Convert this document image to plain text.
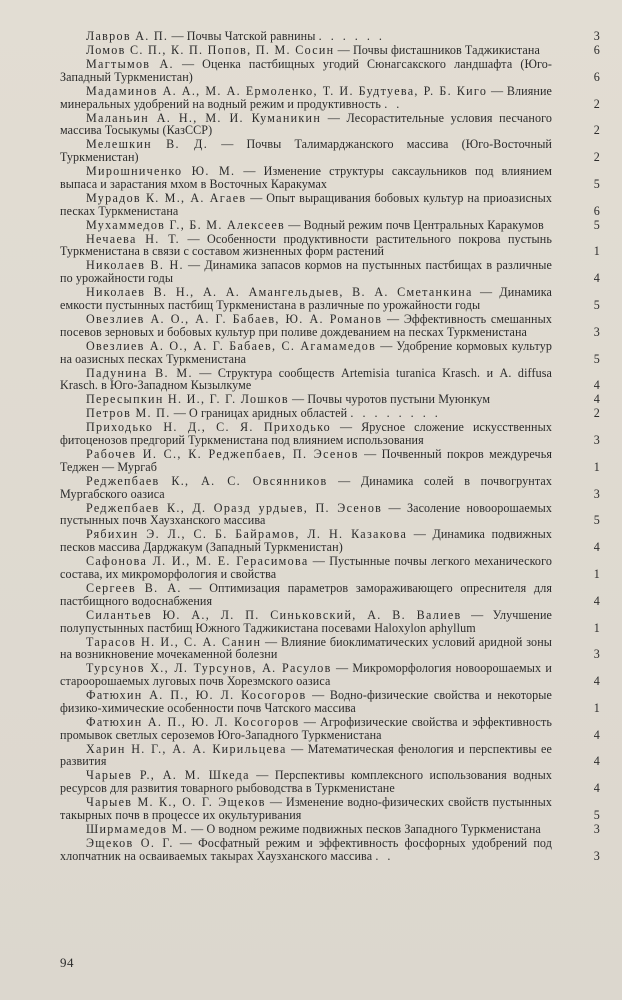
Лавров А. П. — Почвы Чатской равнины . . . . . .	3
Ломов С. П., К. П. Попов, П. М. Сосин — Почвы фисташников Таджикистана	6
Магтымов А. — Оценка пастбищных угодий Сюнагсакского ландшафта (Юго-Западный Туркменистан)	6
Мадаминов А. А., М. А. Ермоленко, Т. И. Будтуева, Р. Б. Киго — Влияние минеральных удобрений на водный режим и продуктивность . .	2
Маланьин А. Н., М. И. Куманикин — Лесорастительные условия песчаного массива Тосыкумы (КазССР)	2
Мелешкин В. Д. — Почвы Талимарджанского массива (Юго-Восточный Туркменистан)	2
Мирошниченко Ю. М. — Изменение структуры саксаульников под влиянием выпаса и зарастания мхом в Восточных Каракумах	5
Мурадов К. М., А. Агаев — Опыт выращивания бобовых культур на приоазисных песках Туркменистана	6
Мухаммедов Г., Б. М. Алексеев — Водный режим почв Центральных Каракумов	5
Нечаева Н. Т. — Особенности продуктивности растительного покрова пустынь Туркменистана в связи с составом жизненных форм растений	1
Николаев В. Н. — Динамика запасов кормов на пустынных пастбищах в различные по урожайности годы	4
Николаев В. Н., А. А. Амангельдыев, В. А. Сметанкина — Динамика емкости пустынных пастбищ Туркменистана в различные по урожайности годы	5
Овезлиев А. О., А. Г. Бабаев, Ю. А. Романов — Эффективность смешанных посевов зерновых и бобовых культур при поливе дождеванием на песках Туркменистана	3
Овезлиев А. О., А. Г. Бабаев, С. Агамамедов — Удобрение кормовых культур на оазисных песках Туркменистана	5
Падунина В. М. — Структура сообществ Artemisia turanica Krasch. и A. diffusa Krasch. в Юго-Западном Кызылкуме	4
Пересыпкин Н. И., Г. Г. Лошков — Почвы чуротов пустыни Муюнкум	4
Петров М. П. — О границах аридных областей . . . . . . . .	2
Приходько Н. Д., С. Я. Приходько — Ярусное сложение искусственных фитоценозов предгорий Туркменистана под влиянием использования	3
Рабочев И. С., К. Реджепбаев, П. Эсенов — Почвенный покров междуречья Теджен — Мургаб	1
Реджепбаев К., А. С. Овсянников — Динамика солей в почвогрунтах Мургабского оазиса	3
Реджепбаев К., Д. Оразд урдыев, П. Эсенов — Засоление новоорошаемых пустынных почв Хаузханского массива	5
Рябихин Э. Л., С. Б. Байрамов, Л. Н. Казакова — Динамика подвижных песков массива Дарджакум (Западный Туркменистан)	4
Сафонова Л. И., М. Е. Герасимова — Пустынные почвы легкого механического состава, их микроморфология и свойства	1
Сергеев В. А. — Оптимизация параметров замораживающего опреснителя для пастбищного водоснабжения	4
Силантьев Ю. А., Л. П. Синьковский, А. В. Валиев — Улучшение полупустынных пастбищ Южного Таджикистана посевами Haloxylon aphyllum	1
Тарасов Н. И., С. А. Санин — Влияние биоклиматических условий аридной зоны на возникновение мочекаменной болезни	3
Турсунов Х., Л. Турсунов, А. Расулов — Микроморфология новоорошаемых и староорошаемых луговых почв Хорезмского оазиса	4
Фатюхин А. П., Ю. Л. Косогоров — Водно-физические свойства и некоторые физико-химические особенности почв Чатского массива	1
Фатюхин А. П., Ю. Л. Косогоров — Агрофизические свойства и эффективность промывок светлых сероземов Юго-Западного Туркменистана	4
Харин Н. Г., А. А. Кирильцева — Математическая фенология и перспективы ее развития	4
Чарыев Р., А. М. Шкеда — Перспективы комплексного использования водных ресурсов для развития товарного рыбоводства в Туркменистане	4
Чарыев М. К., О. Г. Эщеков — Изменение водно-физических свойств пустынных такырных почв в процессе их окультуривания	5
Ширмамедов М. — О водном режиме подвижных песков Западного Туркменистана	3
Эщеков О. Г. — Фосфатный режим и эффективность фосфорных удобрений под хлопчатник на осваиваемых такырах Хаузханского массива . .	3
94
